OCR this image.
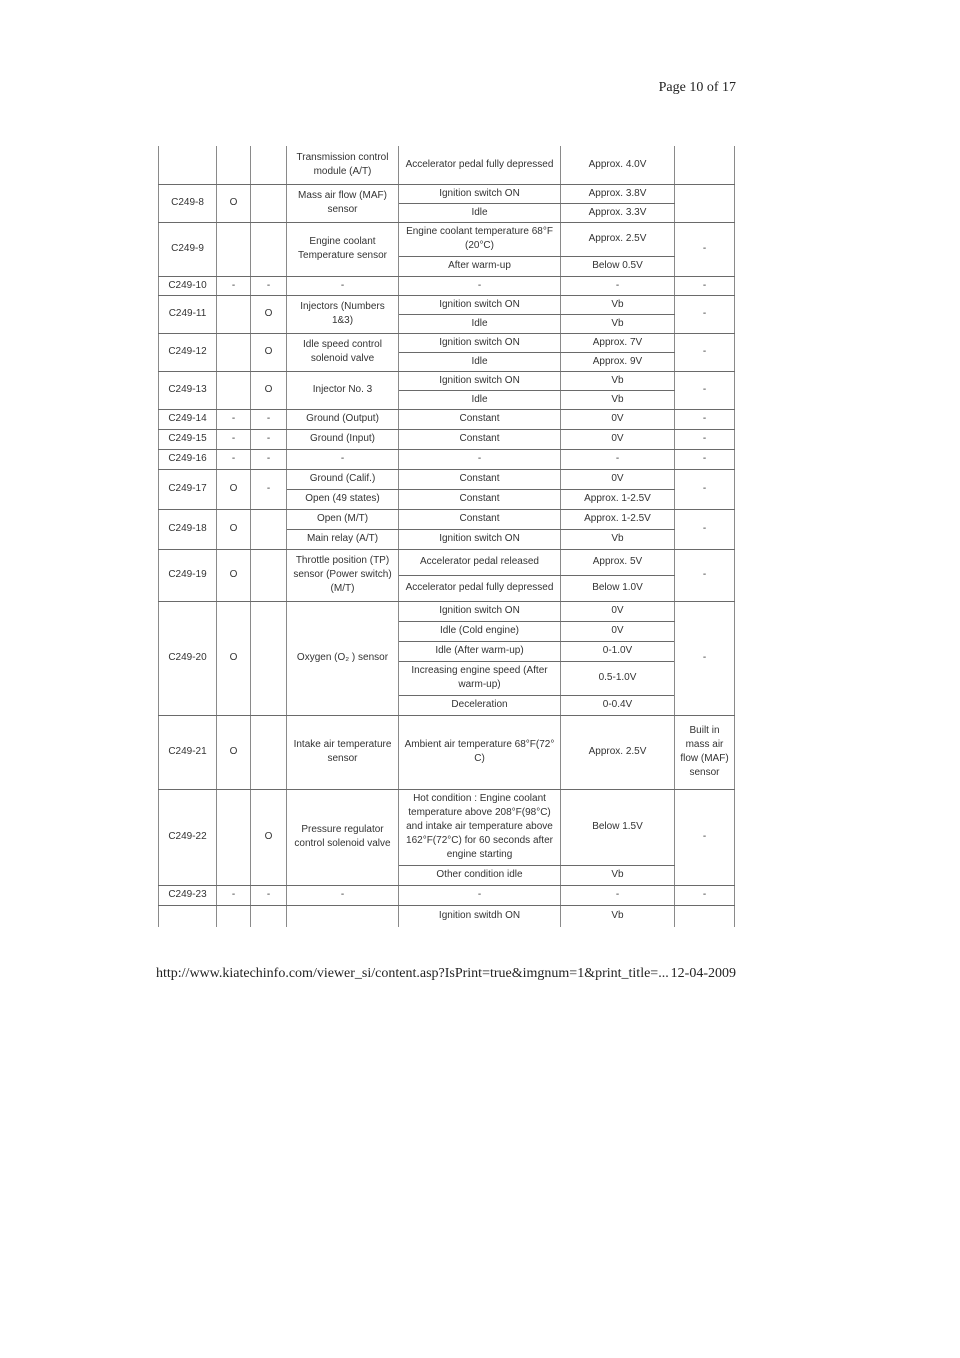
Page 10 of 17
			Transmission control module (A/T)	Accelerator pedal fully depressed	Approx. 4.0V	
C249-8	O		Mass air flow (MAF) sensor	Ignition switch ON	Approx. 3.8V	
				Idle	Approx. 3.3V	
C249-9			Engine coolant Temperature sensor	Engine coolant temperature 68°F (20°C)	Approx. 2.5V	-
				After warm-up	Below 0.5V	
C249-10	-	-	-	-	-	-
C249-11		O	Injectors (Numbers 1&3)	Ignition switch ON	Vb	-
				Idle	Vb	
C249-12		O	Idle speed control solenoid valve	Ignition switch ON	Approx. 7V	-
				Idle	Approx. 9V	
C249-13		O	Injector No. 3	Ignition switch ON	Vb	-
				Idle	Vb	
C249-14	-	-	Ground (Output)	Constant	0V	-
C249-15	-	-	Ground (Input)	Constant	0V	-
C249-16	-	-	-	-	-	-
C249-17	O	-	Ground (Calif.)	Constant	0V	-
			Open (49 states)	Constant	Approx. 1-2.5V	
C249-18	O		Open (M/T)	Constant	Approx. 1-2.5V	-
			Main relay (A/T)	Ignition switch ON	Vb	
C249-19	O		Throttle position (TP) sensor (Power switch) (M/T)	Accelerator pedal released	Approx. 5V	-
				Accelerator pedal fully depressed	Below 1.0V	
C249-20	O		Oxygen (O₂ ) sensor	Ignition switch ON	0V	-
				Idle (Cold engine)	0V	
				Idle (After warm-up)	0-1.0V	
				Increasing engine speed (After warm-up)	0.5-1.0V	
				Deceleration	0-0.4V	
C249-21	O		Intake air temperature sensor	Ambient air temperature 68°F(72° C)	Approx. 2.5V	Built in mass air flow (MAF) sensor
C249-22		O	Pressure regulator control solenoid valve	Hot condition : Engine coolant temperature above 208°F(98°C) and intake air temperature above 162°F(72°C) for 60 seconds after engine starting	Below 1.5V	-
				Other condition idle	Vb	
C249-23	-	-	-	-	-	-
				Ignition switdh ON	Vb	
http://www.kiatechinfo.com/viewer_si/content.asp?IsPrint=true&imgnum=1&print_title=... 12-04-2009
